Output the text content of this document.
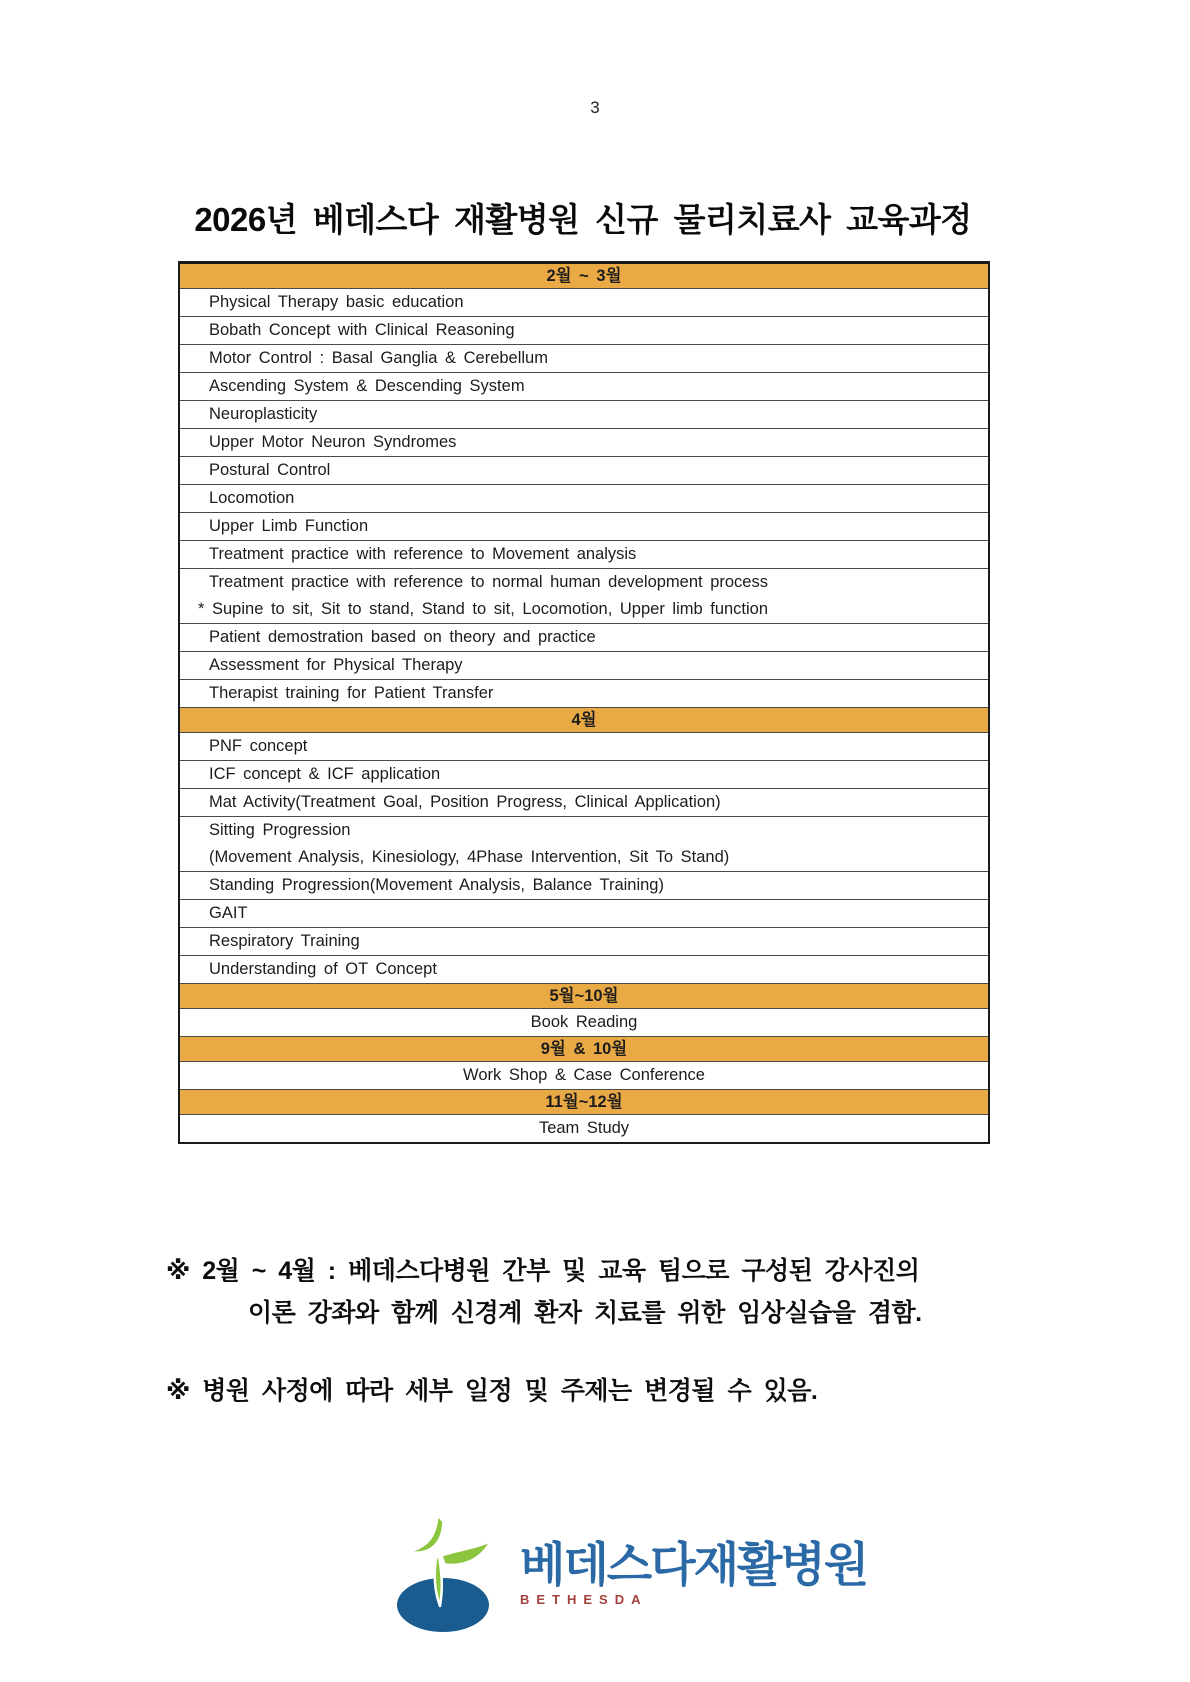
3
2026년 베데스다 재활병원 신규 물리치료사 교육과정
2월 ~ 3월

Physical Therapy basic education

Bobath Concept with Clinical Reasoning

Motor Control : Basal Ganglia & Cerebellum

Ascending System & Descending System

Neuroplasticity

Upper Motor Neuron Syndromes

Postural Control

Locomotion

Upper Limb Function

Treatment practice with reference to Movement analysis

Treatment practice with reference to normal human development process
* Supine to sit, Sit to stand, Stand to sit, Locomotion, Upper limb function

Patient demostration based on theory and practice

Assessment for Physical Therapy

Therapist training for Patient Transfer

4월

PNF concept

ICF concept & ICF application

Mat Activity(Treatment Goal, Position Progress, Clinical Application)

Sitting Progression
(Movement Analysis, Kinesiology, 4Phase Intervention, Sit To Stand)

Standing Progression(Movement Analysis, Balance Training)

GAIT

Respiratory Training

Understanding of OT Concept

5월~10월

Book Reading

9월 & 10월

Work Shop & Case Conference

11월~12월

Team Study
※ 2월 ~ 4월 : 베데스다병원 간부 및 교육 팀으로 구성된 강사진의
이론 강좌와 함께 신경계 환자 치료를 위한 임상실습을 겸함.
※ 병원 사정에 따라 세부 일정 및 주제는 변경될 수 있음.
베데스다재활병원
BETHESDA
